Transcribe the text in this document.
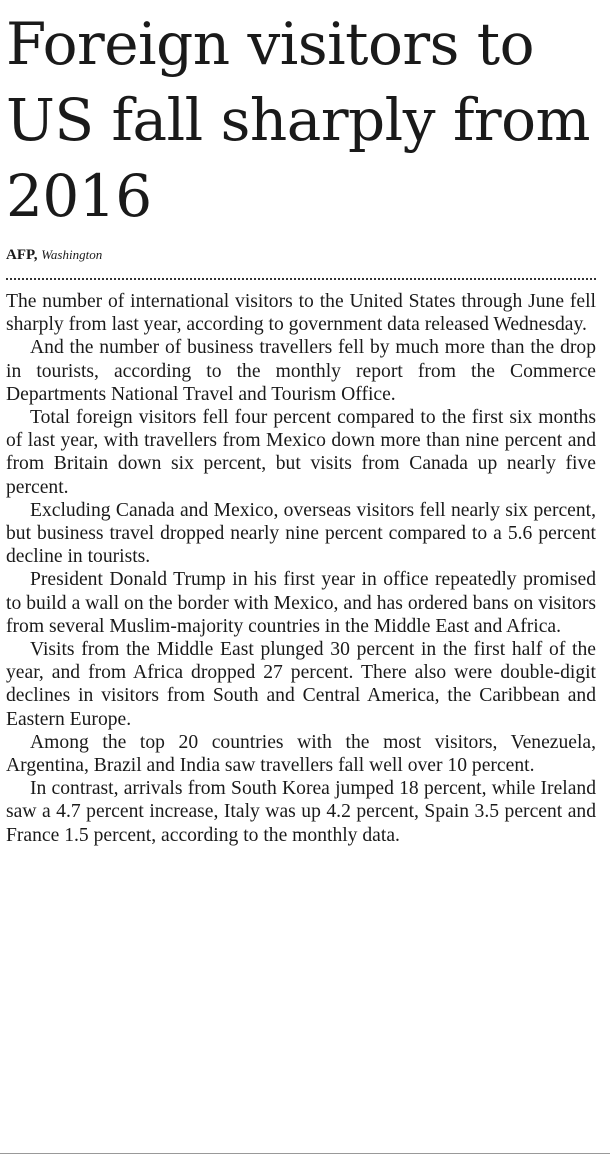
Foreign visitors to US fall sharply from 2016
AFP, Washington

The number of international visitors to the United States through June fell sharply from last year, according to government data released Wednesday.

And the number of business travellers fell by much more than the drop in tourists, according to the monthly report from the Commerce Departments National Travel and Tourism Office.

Total foreign visitors fell four percent compared to the first six months of last year, with travellers from Mexico down more than nine percent and from Britain down six percent, but visits from Canada up nearly five percent.

Excluding Canada and Mexico, overseas visitors fell nearly six percent, but business travel dropped nearly nine percent compared to a 5.6 percent decline in tourists.

President Donald Trump in his first year in office repeatedly promised to build a wall on the border with Mexico, and has ordered bans on visitors from several Muslim-majority countries in the Middle East and Africa.

Visits from the Middle East plunged 30 percent in the first half of the year, and from Africa dropped 27 percent. There also were double-digit declines in visitors from South and Central America, the Caribbean and Eastern Europe.

Among the top 20 countries with the most visitors, Venezuela, Argentina, Brazil and India saw travellers fall well over 10 percent.

In contrast, arrivals from South Korea jumped 18 percent, while Ireland saw a 4.7 percent increase, Italy was up 4.2 percent, Spain 3.5 percent and France 1.5 percent, according to the monthly data.
